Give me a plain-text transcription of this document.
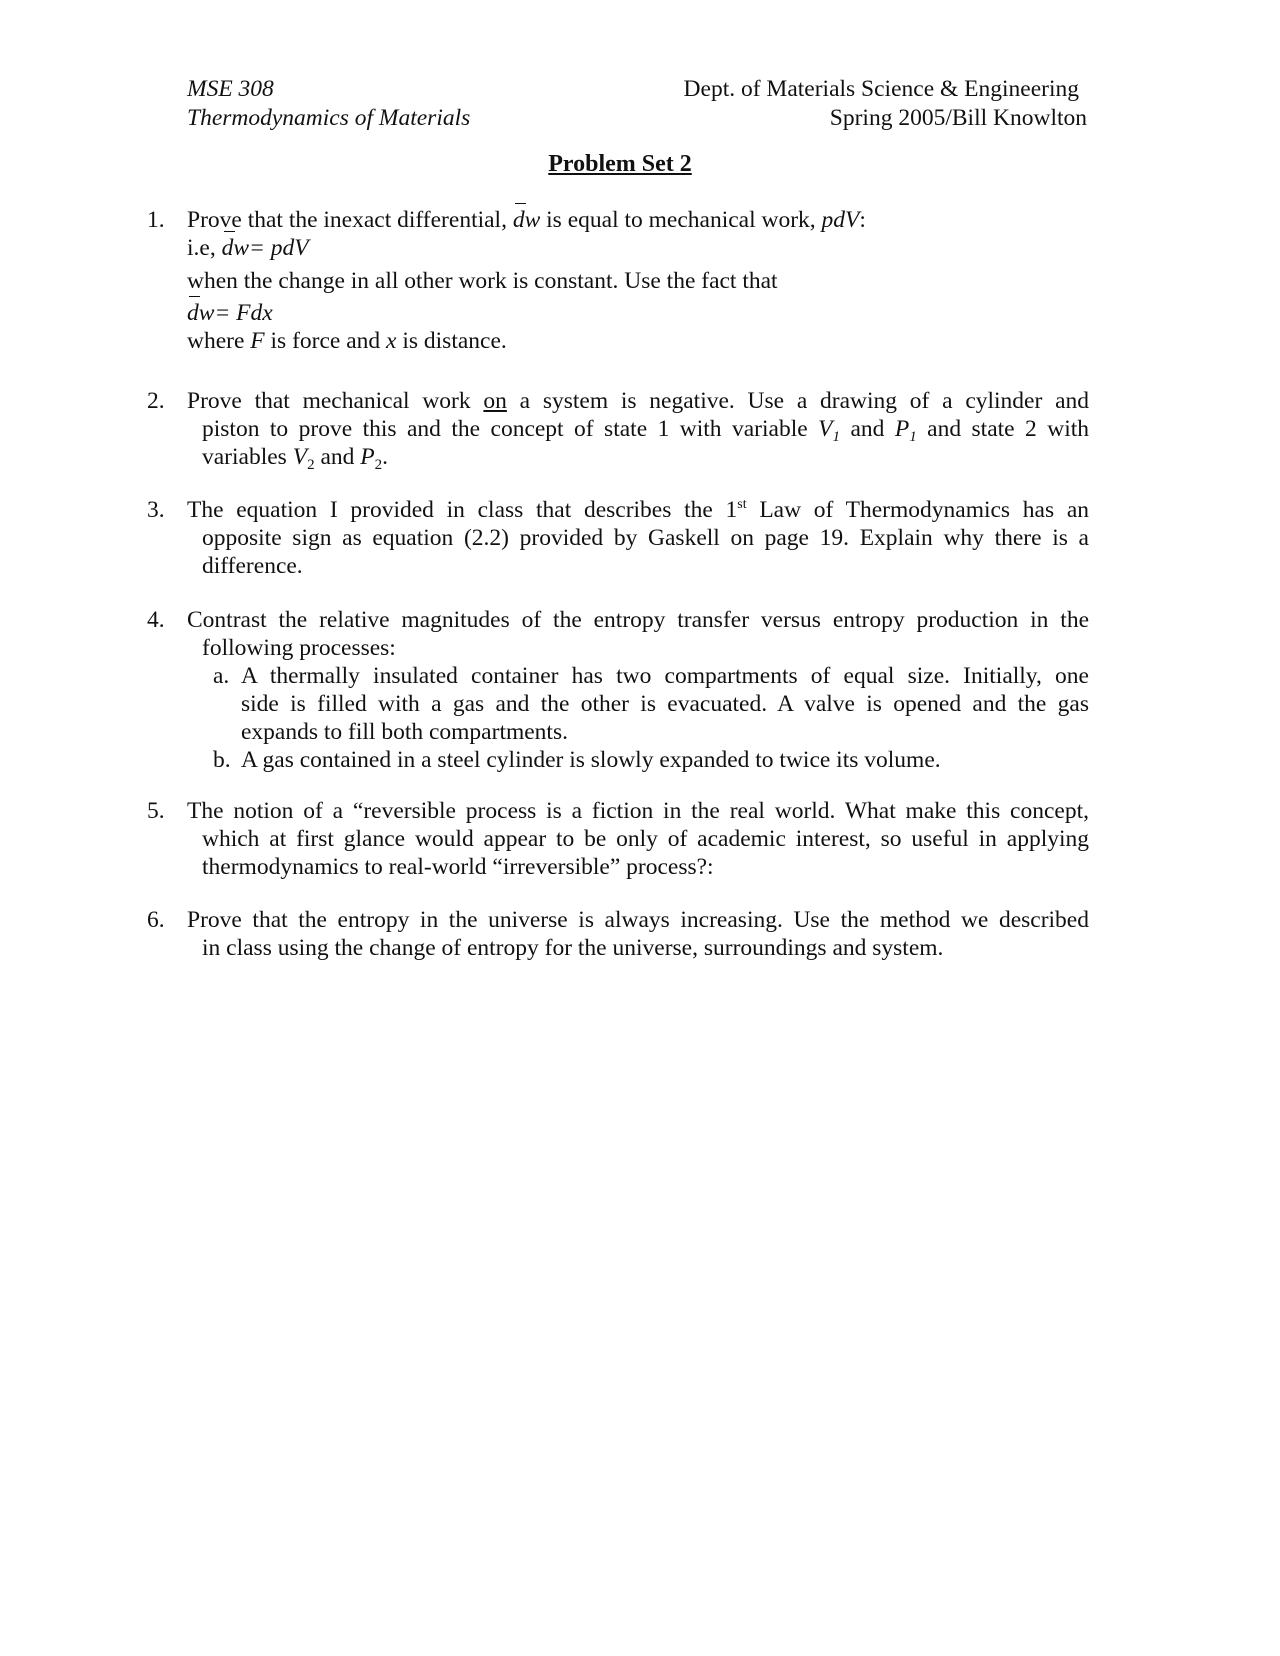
MSE 308
Thermodynamics of Materials
Dept. of Materials Science & Engineering
Spring 2005/Bill Knowlton
Problem Set 2
1. Prove that the inexact differential, dw is equal to mechanical work, pdV:
i.e, dw= pdV
when the change in all other work is constant. Use the fact that
dw= Fdx
where F is force and x is distance.
2. Prove that mechanical work on a system is negative. Use a drawing of a cylinder and
piston to prove this and the concept of state 1 with variable $V_1$ and $P_1$ and state 2 with
variables $V_2$ and $P_2$.
3. The equation I provided in class that describes the 1st Law of Thermodynamics has an
opposite sign as equation (2.2) provided by Gaskell on page 19. Explain why there is a
difference.
4. Contrast the relative magnitudes of the entropy transfer versus entropy production in the
following processes:
a. A thermally insulated container has two compartments of equal size. Initially, one
side is filled with a gas and the other is evacuated. A valve is opened and the gas
expands to fill both compartments.
b. A gas contained in a steel cylinder is slowly expanded to twice its volume.
5. The notion of a “reversible process is a fiction in the real world. What make this concept,
which at first glance would appear to be only of academic interest, so useful in applying
thermodynamics to real-world “irreversible” process?:
6. Prove that the entropy in the universe is always increasing. Use the method we described
in class using the change of entropy for the universe, surroundings and system.
